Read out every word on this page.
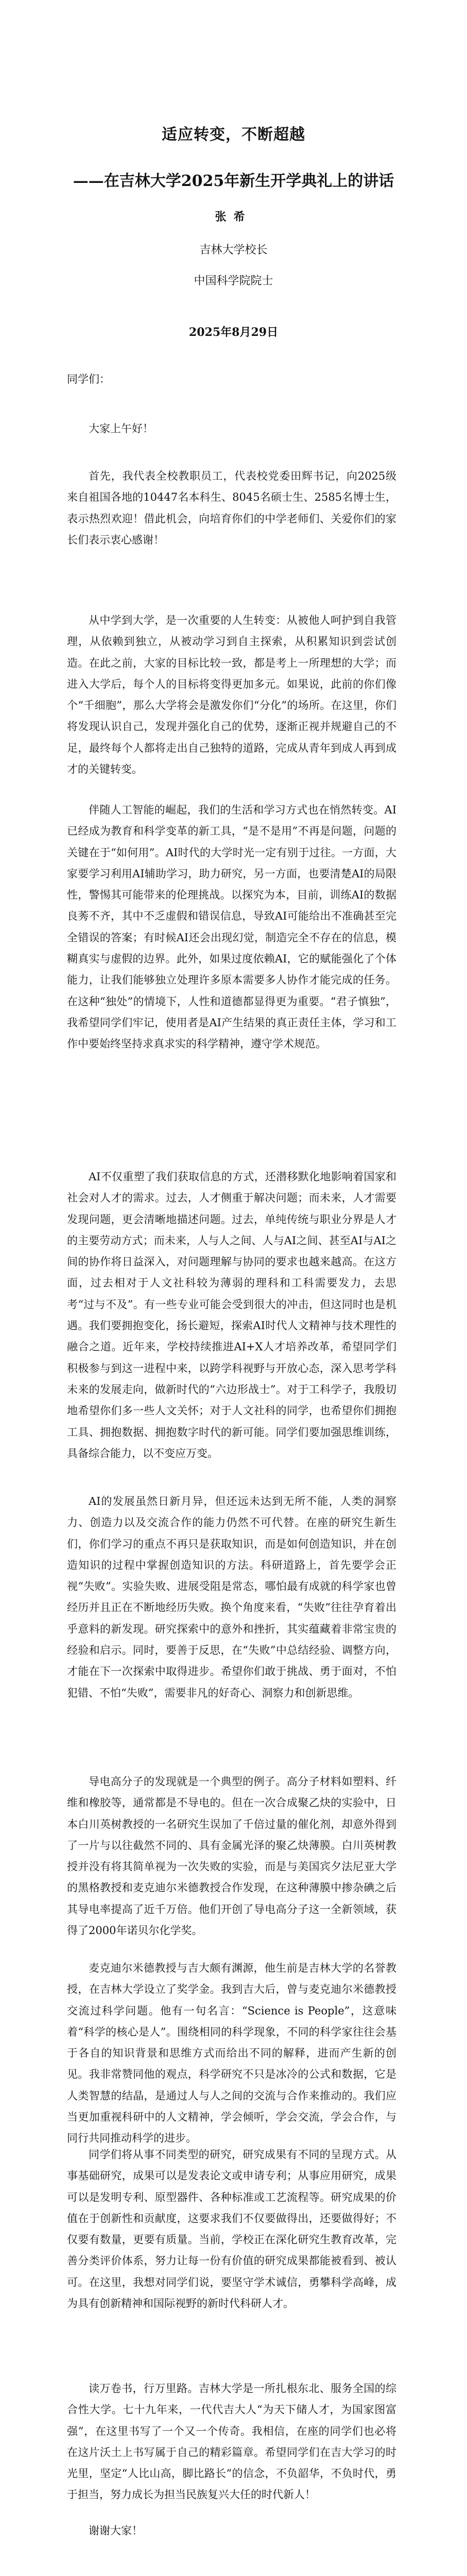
适应转变，不断超越
——在吉林大学2025年新生开学典礼上的讲话

张希

吉林大学校长

中国科学院院士

2025年8月29日

同学们：

大家上午好！

首先，我代表全校教职员工，代表校党委田辉书记，向2025级来自祖国各地的10447名本科生、8045名硕士生、2585名博士生，表示热烈欢迎！借此机会，向培育你们的中学老师们、关爱你们的家长们表示衷心感谢！

从中学到大学，是一次重要的人生转变：从被他人呵护到自我管理，从依赖到独立，从被动学习到自主探索，从积累知识到尝试创造。在此之前，大家的目标比较一致，都是考上一所理想的大学；而进入大学后，每个人的目标将变得更加多元。如果说，此前的你们像个“千细胞”，那么大学将会是激发你们“分化”的场所。在这里，你们将发现认识自己，发现并强化自己的优势，逐渐正视并规避自己的不足，最终每个人都将走出自己独特的道路，完成从青年到成人再到成才的关键转变。

伴随人工智能的崛起，我们的生活和学习方式也在悄然转变。AI已经成为教育和科学变革的新工具，“是不是用”不再是问题，问题的关键在于“如何用”。AI时代的大学时光一定有别于过往。一方面，大家要学习利用AI辅助学习，助力研究，另一方面，也要清楚AI的局限性，警惕其可能带来的伦理挑战。以探究为本，目前，训练AI的数据良莠不齐，其中不乏虚假和错误信息，导致AI可能给出不准确甚至完全错误的答案；有时候AI还会出现幻觉，制造完全不存在的信息，模糊真实与虚假的边界。此外，如果过度依赖AI，它的赋能强化了个体能力，让我们能够独立处理许多原本需要多人协作才能完成的任务。在这种“独处”的情境下，人性和道德都显得更为重要。“君子慎独”，我希望同学们牢记，使用者是AI产生结果的真正责任主体，学习和工作中要始终坚持求真求实的科学精神，遵守学术规范。

AI不仅重塑了我们获取信息的方式，还潜移默化地影响着国家和社会对人才的需求。过去，人才侧重于解决问题；而未来，人才需要发现问题，更会清晰地描述问题。过去，单纯传统与职业分界是人才的主要劳动方式；而未来，人与人之间、人与AI之间、甚至AI与AI之间的协作将日益深入，对问题理解与协同的要求也越来越高。在这方面，过去相对于人文社科较为薄弱的理科和工科需要发力，去思考“过与不及”。有一些专业可能会受到很大的冲击，但这同时也是机遇。我们要拥抱变化，扬长避短，探索AI时代人文精神与技术理性的融合之道。近年来，学校持续推进AI+X人才培养改革，希望同学们积极参与到这一进程中来，以跨学科视野与开放心态，深入思考学科未来的发展走向，做新时代的“六边形战士”。对于工科学子，我殷切地希望你们多一些人文关怀；对于人文社科的同学，也希望你们拥抱工具、拥抱数据、拥抱数字时代的新可能。同学们要加强思维训练，具备综合能力，以不变应万变。

AI的发展虽然日新月异，但还远未达到无所不能，人类的洞察力、创造力以及交流合作的能力仍然不可代替。在座的研究生新生们，你们学习的重点不再只是获取知识，而是如何创造知识，并在创造知识的过程中掌握创造知识的方法。科研道路上，首先要学会正视“失败”。实验失败、进展受阻是常态，哪怕最有成就的科学家也曾经历并且正在不断地经历失败。换个角度来看，“失败”往往孕育着出乎意料的新发现。研究探索中的意外和挫折，其实蕴藏着非常宝贵的经验和启示。同时，要善于反思，在“失败”中总结经验、调整方向，才能在下一次探索中取得进步。希望你们敢于挑战、勇于面对，不怕犯错、不怕“失败”，需要非凡的好奇心、洞察力和创新思维。

导电高分子的发现就是一个典型的例子。高分子材料如塑料、纤维和橡胶等，通常都是不导电的。但在一次合成聚乙炔的实验中，日本白川英树教授的一名研究生误加了千倍过量的催化剂，却意外得到了一片与以往截然不同的、具有金属光泽的聚乙炔薄膜。白川英树教授并没有将其简单视为一次失败的实验，而是与美国宾夕法尼亚大学的黑格教授和麦克迪尔米德教授合作发现，在这种薄膜中掺杂碘之后其导电率提高了近千万倍。他们开创了导电高分子这一全新领域，获得了2000年诺贝尔化学奖。

麦克迪尔米德教授与吉大颇有渊源，他生前是吉林大学的名誉教授，在吉林大学设立了奖学金。我到吉大后，曾与麦克迪尔米德教授交流过科学问题。他有一句名言：“Science is People”，这意味着“科学的核心是人”。围绕相同的科学现象，不同的科学家往往会基于各自的知识背景和思维方式而给出不同的解释，进而产生新的创见。我非常赞同他的观点，科学研究不只是冰冷的公式和数据，它是人类智慧的结晶，是通过人与人之间的交流与合作来推动的。我们应当更加重视科研中的人文精神，学会倾听，学会交流，学会合作，与同行共同推动科学的进步。

同学们将从事不同类型的研究，研究成果有不同的呈现方式。从事基础研究，成果可以是发表论文或申请专利；从事应用研究，成果可以是发明专利、原型器件、各种标准或工艺流程等。研究成果的价值在于创新性和贡献度，这要求我们不仅要做得出，还要做得好；不仅要有数量，更要有质量。当前，学校正在深化研究生教育改革，完善分类评价体系，努力让每一份有价值的研究成果都能被看到、被认可。在这里，我想对同学们说，要坚守学术诚信，勇攀科学高峰，成为具有创新精神和国际视野的新时代科研人才。

读万卷书，行万里路。吉林大学是一所扎根东北、服务全国的综合性大学。七十九年来，一代代吉大人“为天下储人才，为国家图富强”，在这里书写了一个又一个传奇。我相信，在座的同学们也必将在这片沃土上书写属于自己的精彩篇章。希望同学们在吉大学习的时光里，坚定“人比山高，脚比路长”的信念，不负韶华，不负时代，勇于担当，努力成长为担当民族复兴大任的时代新人！

谢谢大家！
